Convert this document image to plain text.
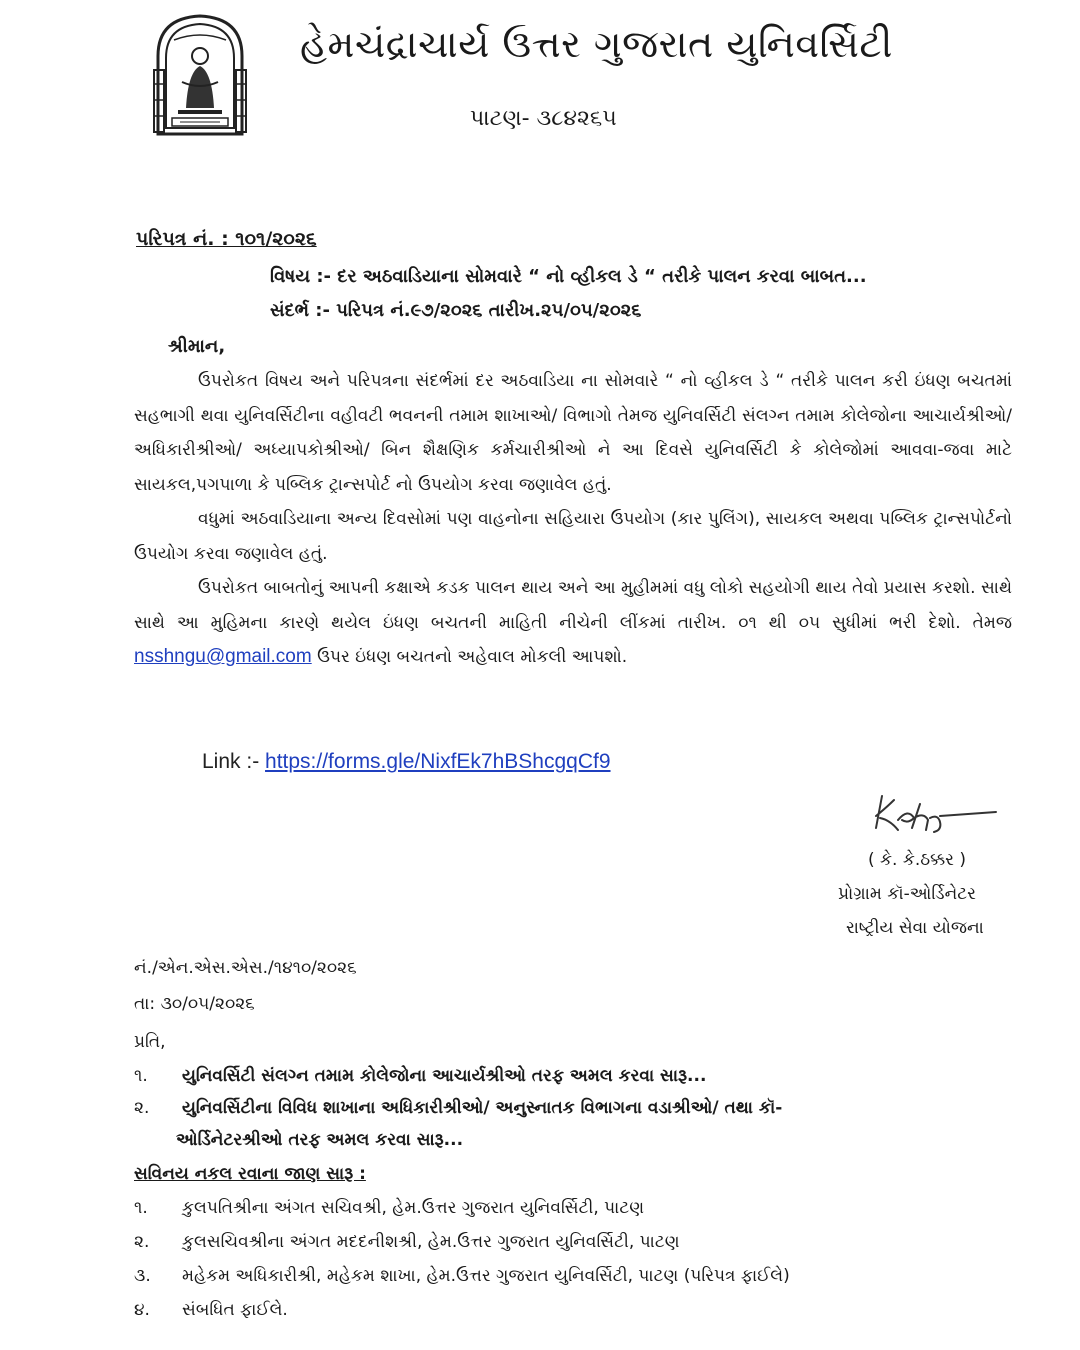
હેમચંદ્રાચાર્ય ઉત્તર ગુજરાત યુનિવર્સિટી
પાટણ- ૩૮૪૨૬૫
પરિપત્ર નં. : ૧૦૧/૨૦૨૬
વિષય :- દર અઠવાડિયાના સોમવારે “ નો વ્હીકલ ડે “ તરીકે પાલન કરવા બાબત...
સંદર્ભ :- પરિપત્ર નં.૯૭/૨૦૨૬ તારીખ.૨૫/૦૫/૨૦૨૬
શ્રીમાન,

ઉપરોકત વિષય અને પરિપત્રના સંદર્ભમાં દર અઠવાડિયા ના સોમવારે “ નો વ્હીકલ ડે “ તરીકે પાલન કરી ઇંધણ બચતમાં સહભાગી થવા યુનિવર્સિટીના વહીવટી ભવનની તમામ શાખાઓ/ વિભાગો તેમજ યુનિવર્સિટી સંલગ્ન તમામ કોલેજોના આચાર્યશ્રીઓ/ અધિકારીશ્રીઓ/ અધ્યાપકોશ્રીઓ/ બિન શૈક્ષણિક કર્મચારીશ્રીઓ ને આ દિવસે યુનિવર્સિટી કે કોલેજોમાં આવવા-જવા માટે સાયકલ,પગપાળા કે પબ્લિક ટ્રાન્સપોર્ટ નો ઉપયોગ કરવા જણાવેલ હતું.

વધુમાં અઠવાડિયાના અન્ય દિવસોમાં પણ વાહનોના સહિયારા ઉપયોગ (કાર પુલિંગ), સાયકલ અથવા પબ્લિક ટ્રાન્સપોર્ટનો ઉપયોગ કરવા જણાવેલ હતું.

ઉપરોકત બાબતોનું આપની કક્ષાએ કડક પાલન થાય અને આ મુહીમમાં વધુ લોકો સહયોગી થાય તેવો પ્રયાસ કરશો. સાથે સાથે આ મુહિમના કારણે થયેલ ઇંધણ બચતની માહિતી નીચેની લીંકમાં તારીખ. ૦૧ થી ૦૫ સુધીમાં ભરી દેશો. તેમજ nsshngu@gmail.com ઉપર ઇંધણ બચતનો અહેવાલ મોકલી આપશો.

Link :- https://forms.gle/NixfEk7hBShcgqCf9
( કે. કે.ઠક્કર )
પ્રોગ્રામ કૉ-ઓર્ડિનેટર
રાષ્ટ્રીય સેવા યોજના
નં./એન.એસ.એસ./૧૪૧૦/૨૦૨૬
તા: ૩૦/૦૫/૨૦૨૬
પ્રતિ,
૧. યુનિવર્સિટી સંલગ્ન તમામ કોલેજોના આચાર્યશ્રીઓ તરફ અમલ કરવા સારૂ...
૨. યુનિવર્સિટીના વિવિધ શાખાના અધિકારીશ્રીઓ/ અનુસ્નાતક વિભાગના વડાશ્રીઓ/ તથા કૉ-
ઓર્ડિનેટરશ્રીઓ તરફ અમલ કરવા સારૂ...
સવિનય નકલ રવાના જાણ સારૂ :
૧. કુલપતિશ્રીના અંગત સચિવશ્રી, હેમ.ઉત્તર ગુજરાત યુનિવર્સિટી, પાટણ
૨. કુલસચિવશ્રીના અંગત મદદનીશશ્રી, હેમ.ઉત્તર ગુજરાત યુનિવર્સિટી, પાટણ
૩. મહેકમ અધિકારીશ્રી, મહેકમ શાખા, હેમ.ઉત્તર ગુજરાત યુનિવર્સિટી, પાટણ (પરિપત્ર ફાઈલે)
૪. સંબધિત ફાઈલે.
